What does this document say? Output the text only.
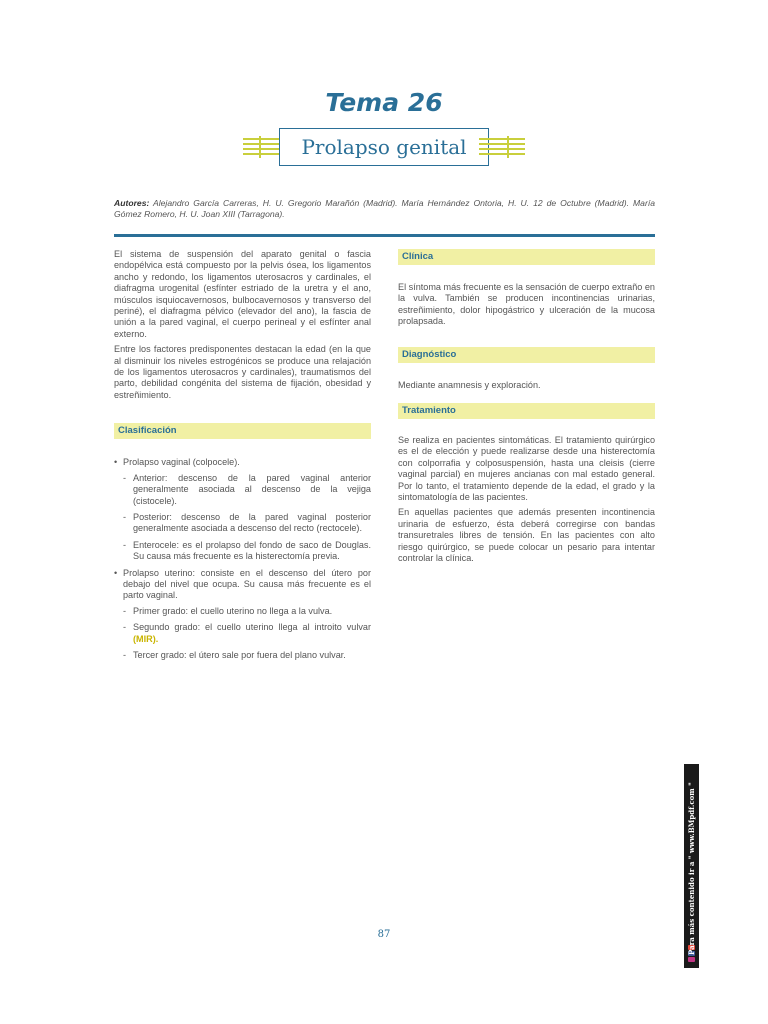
Tema 26
Prolapso genital
Autores: Alejandro García Carreras, H. U. Gregorio Marañón (Madrid). María Hernández Ontoria, H. U. 12 de Octubre (Madrid). María Gómez Romero, H. U. Joan XIII (Tarragona).

El sistema de suspensión del aparato genital o fascia endopélvica está compuesto por la pelvis ósea, los ligamentos ancho y redondo, los ligamentos uterosacros y cardinales, el diafragma urogenital (esfínter estriado de la uretra y el ano, músculos isquiocavernosos, bulbocavernosos y transverso del periné), el diafragma pélvico (elevador del ano), la fascia de unión a la pared vaginal, el cuerpo perineal y el esfínter anal externo.

Entre los factores predisponentes destacan la edad (en la que al disminuir los niveles estrogénicos se produce una relajación de los ligamentos uterosacros y cardinales), traumatismos del parto, debilidad congénita del sistema de fijación, obesidad y estreñimiento.

Clasificación
• Prolapso vaginal (colpocele).
- Anterior: descenso de la pared vaginal anterior generalmente asociada al descenso de la vejiga (cistocele).
- Posterior: descenso de la pared vaginal posterior generalmente asociada a descenso del recto (rectocele).
- Enterocele: es el prolapso del fondo de saco de Douglas. Su causa más frecuente es la histerectomía previa.
• Prolapso uterino: consiste en el descenso del útero por debajo del nivel que ocupa. Su causa más frecuente es el parto vaginal.
- Primer grado: el cuello uterino no llega a la vulva.
- Segundo grado: el cuello uterino llega al introito vulvar (MIR).
- Tercer grado: el útero sale por fuera del plano vulvar.
Clínica

El síntoma más frecuente es la sensación de cuerpo extraño en la vulva. También se producen incontinencias urinarias, estreñimiento, dolor hipogástrico y ulceración de la mucosa prolapsada.

Diagnóstico

Mediante anamnesis y exploración.

Tratamiento

Se realiza en pacientes sintomáticas. El tratamiento quirúrgico es el de elección y puede realizarse desde una histerectomía con colporrafia y colposuspensión, hasta una cleisis (cierre vaginal parcial) en mujeres ancianas con mal estado general. Por lo tanto, el tratamiento depende de la edad, el grado y la sintomatología de las pacientes.

En aquellas pacientes que además presenten incontinencia urinaria de esfuerzo, ésta deberá corregirse con bandas transuretrales libres de tensión. En las pacientes con alto riesgo quirúrgico, se puede colocar un pesario para intentar controlar la clínica.

87	Para más contenido ir a " www.BMpdf.com "
